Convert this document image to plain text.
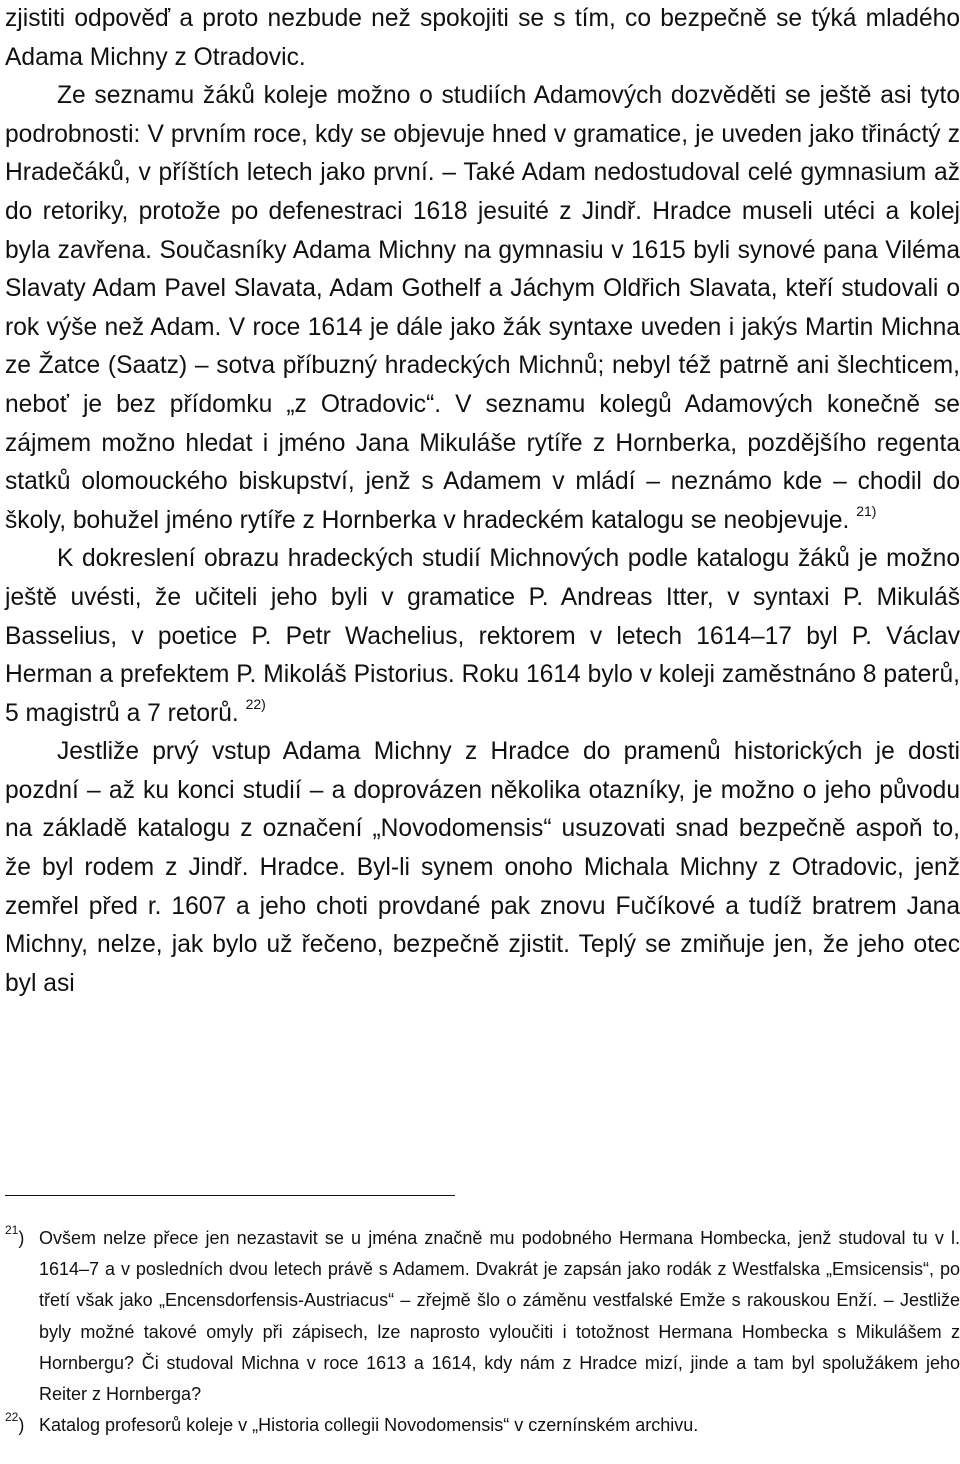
zjistiti odpověď a proto nezbude než spokojiti se s tím, co bezpečně se týká mladého Adama Michny z Otradovic.

Ze seznamu žáků koleje možno o studiích Adamových dozvěděti se ještě asi tyto podrobnosti: V prvním roce, kdy se objevuje hned v gramatice, je uveden jako třináctý z Hradečáků, v příštích letech jako první. – Také Adam nedostudoval celé gymnasium až do retoriky, protože po defenestraci 1618 jesuité z Jindř. Hradce museli utéci a kolej byla zavřena. Současníky Adama Michny na gymnasiu v 1615 byli synové pana Viléma Slavaty Adam Pavel Slavata, Adam Gothelf a Jáchym Oldřich Slavata, kteří studovali o rok výše než Adam. V roce 1614 je dále jako žák syntaxe uveden i jakýs Martin Michna ze Žatce (Saatz) – sotva příbuzný hradeckých Michnů; nebyl též patrně ani šlechticem, neboť je bez přídomku „z Otradovic“. V seznamu kolegů Adamových konečně se zájmem možno hledat i jméno Jana Mikuláše rytíře z Hornberka, pozdějšího regenta statků olomouckého biskupství, jenž s Adamem v mládí – neznámo kde – chodil do školy, bohužel jméno rytíře z Hornberka v hradeckém katalogu se neobjevuje. $^{21)}$

K dokreslení obrazu hradeckých studií Michnových podle katalogu žáků je možno ještě uvésti, že učiteli jeho byli v gramatice P. Andreas Itter, v syntaxi P. Mikuláš Basselius, v poetice P. Petr Wachelius, rektorem v letech 1614–17 byl P. Václav Herman a prefektem P. Mikoláš Pistorius. Roku 1614 bylo v koleji zaměstnáno 8 paterů, 5 magistrů a 7 retorů. $^{22)}$

Jestliže prvý vstup Adama Michny z Hradce do pramenů historických je dosti pozdní – až ku konci studií – a doprovázen několika otazníky, je možno o jeho původu na základě katalogu z označení „Novodomensis“ usuzovati snad bezpečně aspoň to, že byl rodem z Jindř. Hradce. Byl-li synem onoho Michala Michny z Otradovic, jenž zemřel před r. 1607 a jeho choti provdané pak znovu Fučíkové a tudíž bratrem Jana Michny, nelze, jak bylo už řečeno, bezpečně zjistit. Teplý se zmiňuje jen, že jeho otec byl asi

$^{21}$) Ovšem nelze přece jen nezastavit se u jména značně mu podobného Hermana Hombecka, jenž studoval tu v l. 1614–7 a v posledních dvou letech právě s Adamem. Dvakrát je zapsán jako rodák z Westfalska „Emsicensis“, po třetí však jako „Encensdorfensis-Austriacus“ – zřejmě šlo o záměnu vestfalské Emže s rakouskou Enží. – Jestliže byly možné takové omyly při zápisech, lze naprosto vyloučiti i totožnost Hermana Hombecka s Mikulášem z Hornbergu? Či studoval Michna v roce 1613 a 1614, kdy nám z Hradce mizí, jinde a tam byl spolužákem jeho Reiter z Hornberga?
$^{22}$) Katalog profesorů koleje v „Historia collegii Novodomensis“ v czernínském archivu.
